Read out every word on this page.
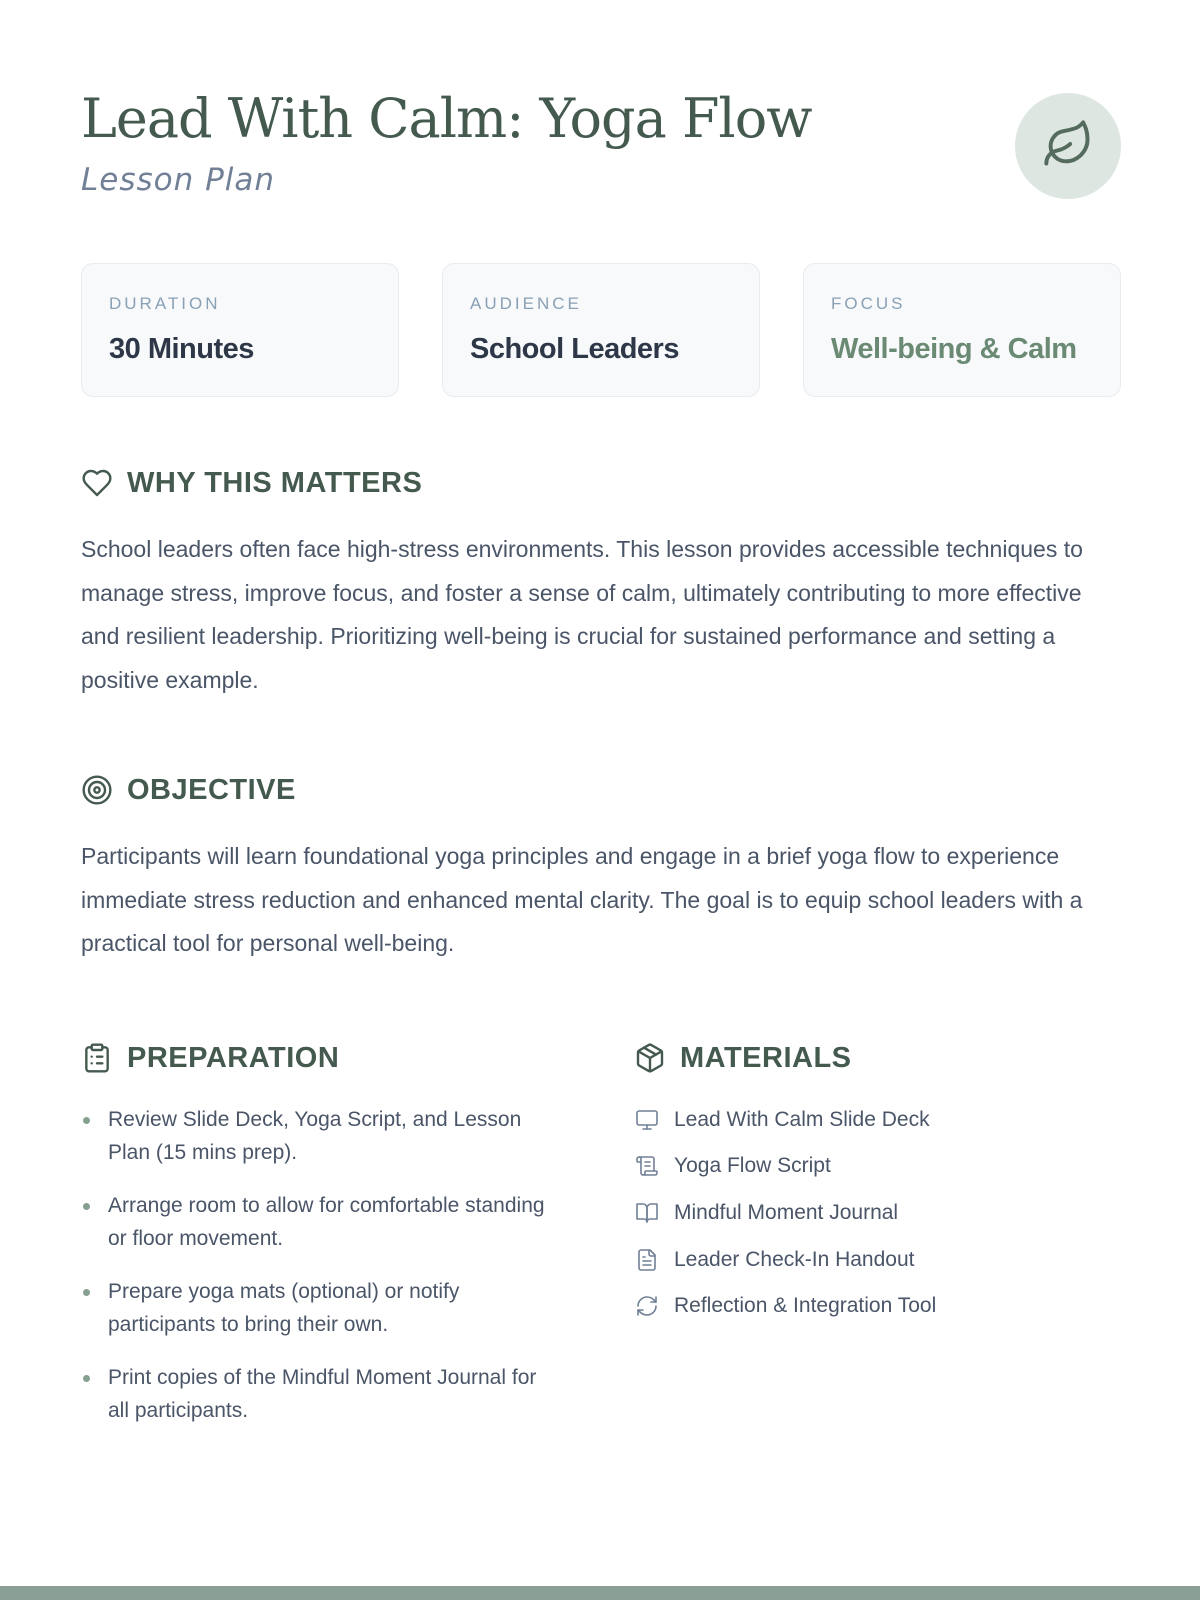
Lead With Calm: Yoga Flow
Lesson Plan
DURATION
30 Minutes
AUDIENCE
School Leaders
FOCUS
Well-being & Calm
WHY THIS MATTERS

School leaders often face high-stress environments. This lesson provides accessible techniques to manage stress, improve focus, and foster a sense of calm, ultimately contributing to more effective and resilient leadership. Prioritizing well-being is crucial for sustained performance and setting a positive example.

OBJECTIVE

Participants will learn foundational yoga principles and engage in a brief yoga flow to experience immediate stress reduction and enhanced mental clarity. The goal is to equip school leaders with a practical tool for personal well-being.

PREPARATION
Review Slide Deck, Yoga Script, and Lesson Plan (15 mins prep).
Arrange room to allow for comfortable standing or floor movement.
Prepare yoga mats (optional) or notify participants to bring their own.
Print copies of the Mindful Moment Journal for all participants.
MATERIALS
Lead With Calm Slide Deck
Yoga Flow Script
Mindful Moment Journal
Leader Check-In Handout
Reflection & Integration Tool
